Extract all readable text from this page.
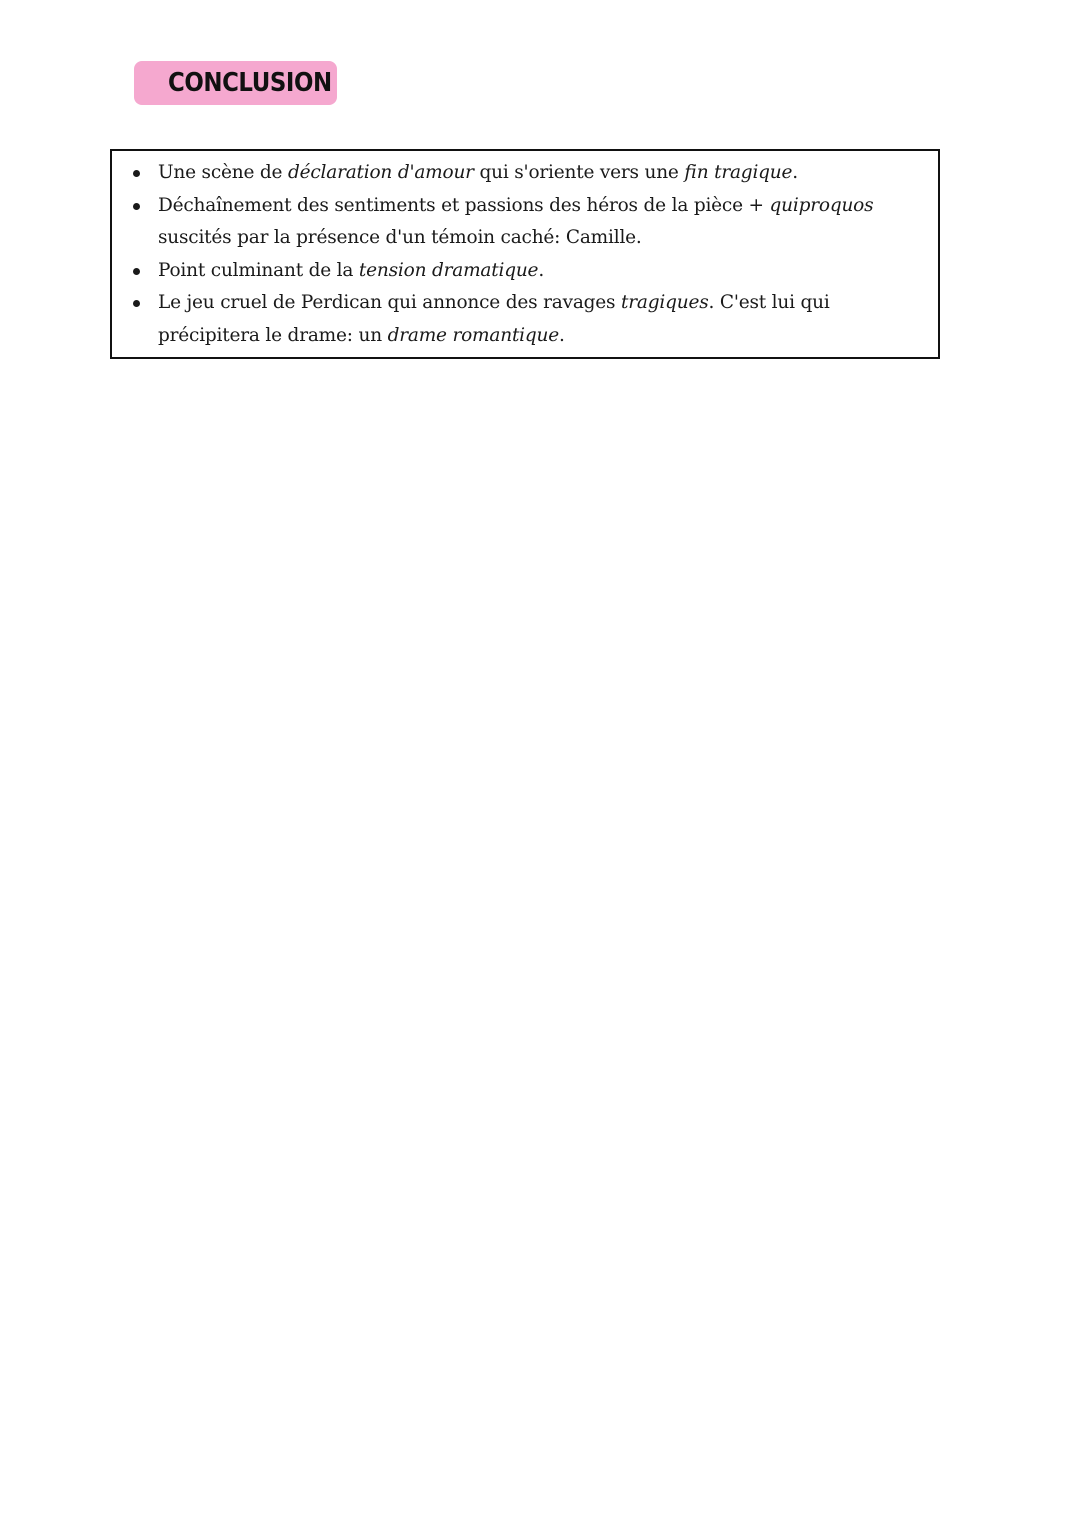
CONCLUSION
Une scène de déclaration d'amour qui s'oriente vers une fin tragique.
Déchaînement des sentiments et passions des héros de la pièce + quiproquos suscités par la présence d'un témoin caché: Camille.
Point culminant de la tension dramatique.
Le jeu cruel de Perdican qui annonce des ravages tragiques. C'est lui qui précipitera le drame: un drame romantique.
